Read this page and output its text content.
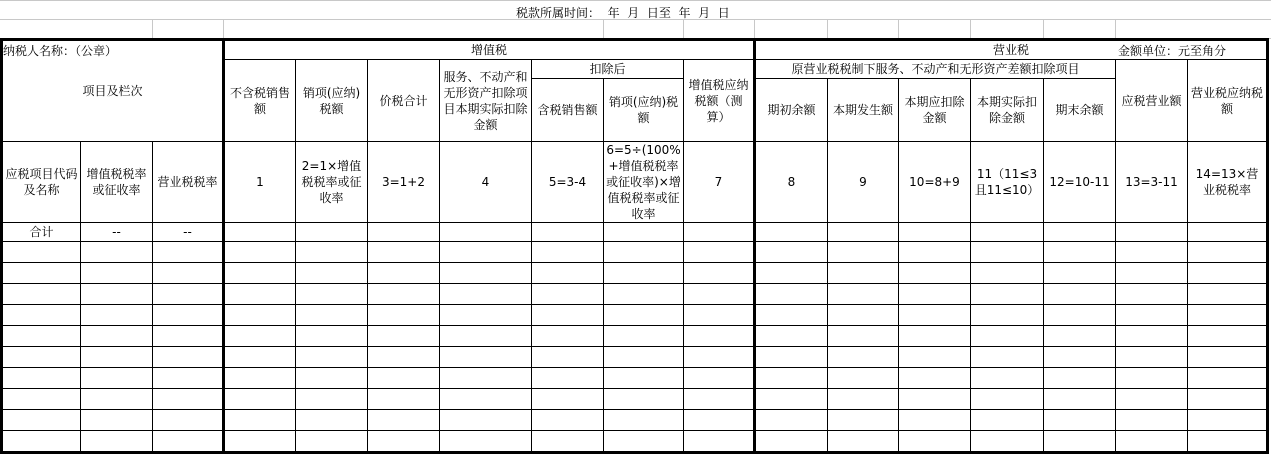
税款所属时间：  年  月  日至  年  月  日
纳税人名称：（公章）	金额单位：元至角分
项目及栏次			增值税							营业税						
			不含税销售额	销项(应纳)税额	价税合计	服务、不动产和无形资产扣除项目本期实际扣除金额	扣除后		增值税应纳税额（测算）	原营业税税制下服务、不动产和无形资产差额扣除项目					应税营业额	营业税应纳税额
							含税销售额	销项(应纳)税额		期初余额	本期发生额	本期应扣除金额	本期实际扣除金额	期末余额		
应税项目代码及名称	增值税税率或征收率	营业税税率	1	2=1×增值税税率或征收率	3=1+2	4	5=3-4	6=5÷(100%+增值税税率或征收率)×增值税税率或征收率	7	8	9	10=8+9	11（11≤3且11≤10）	12=10-11	13=3-11	14=13×营业税税率
合计	--	--														
